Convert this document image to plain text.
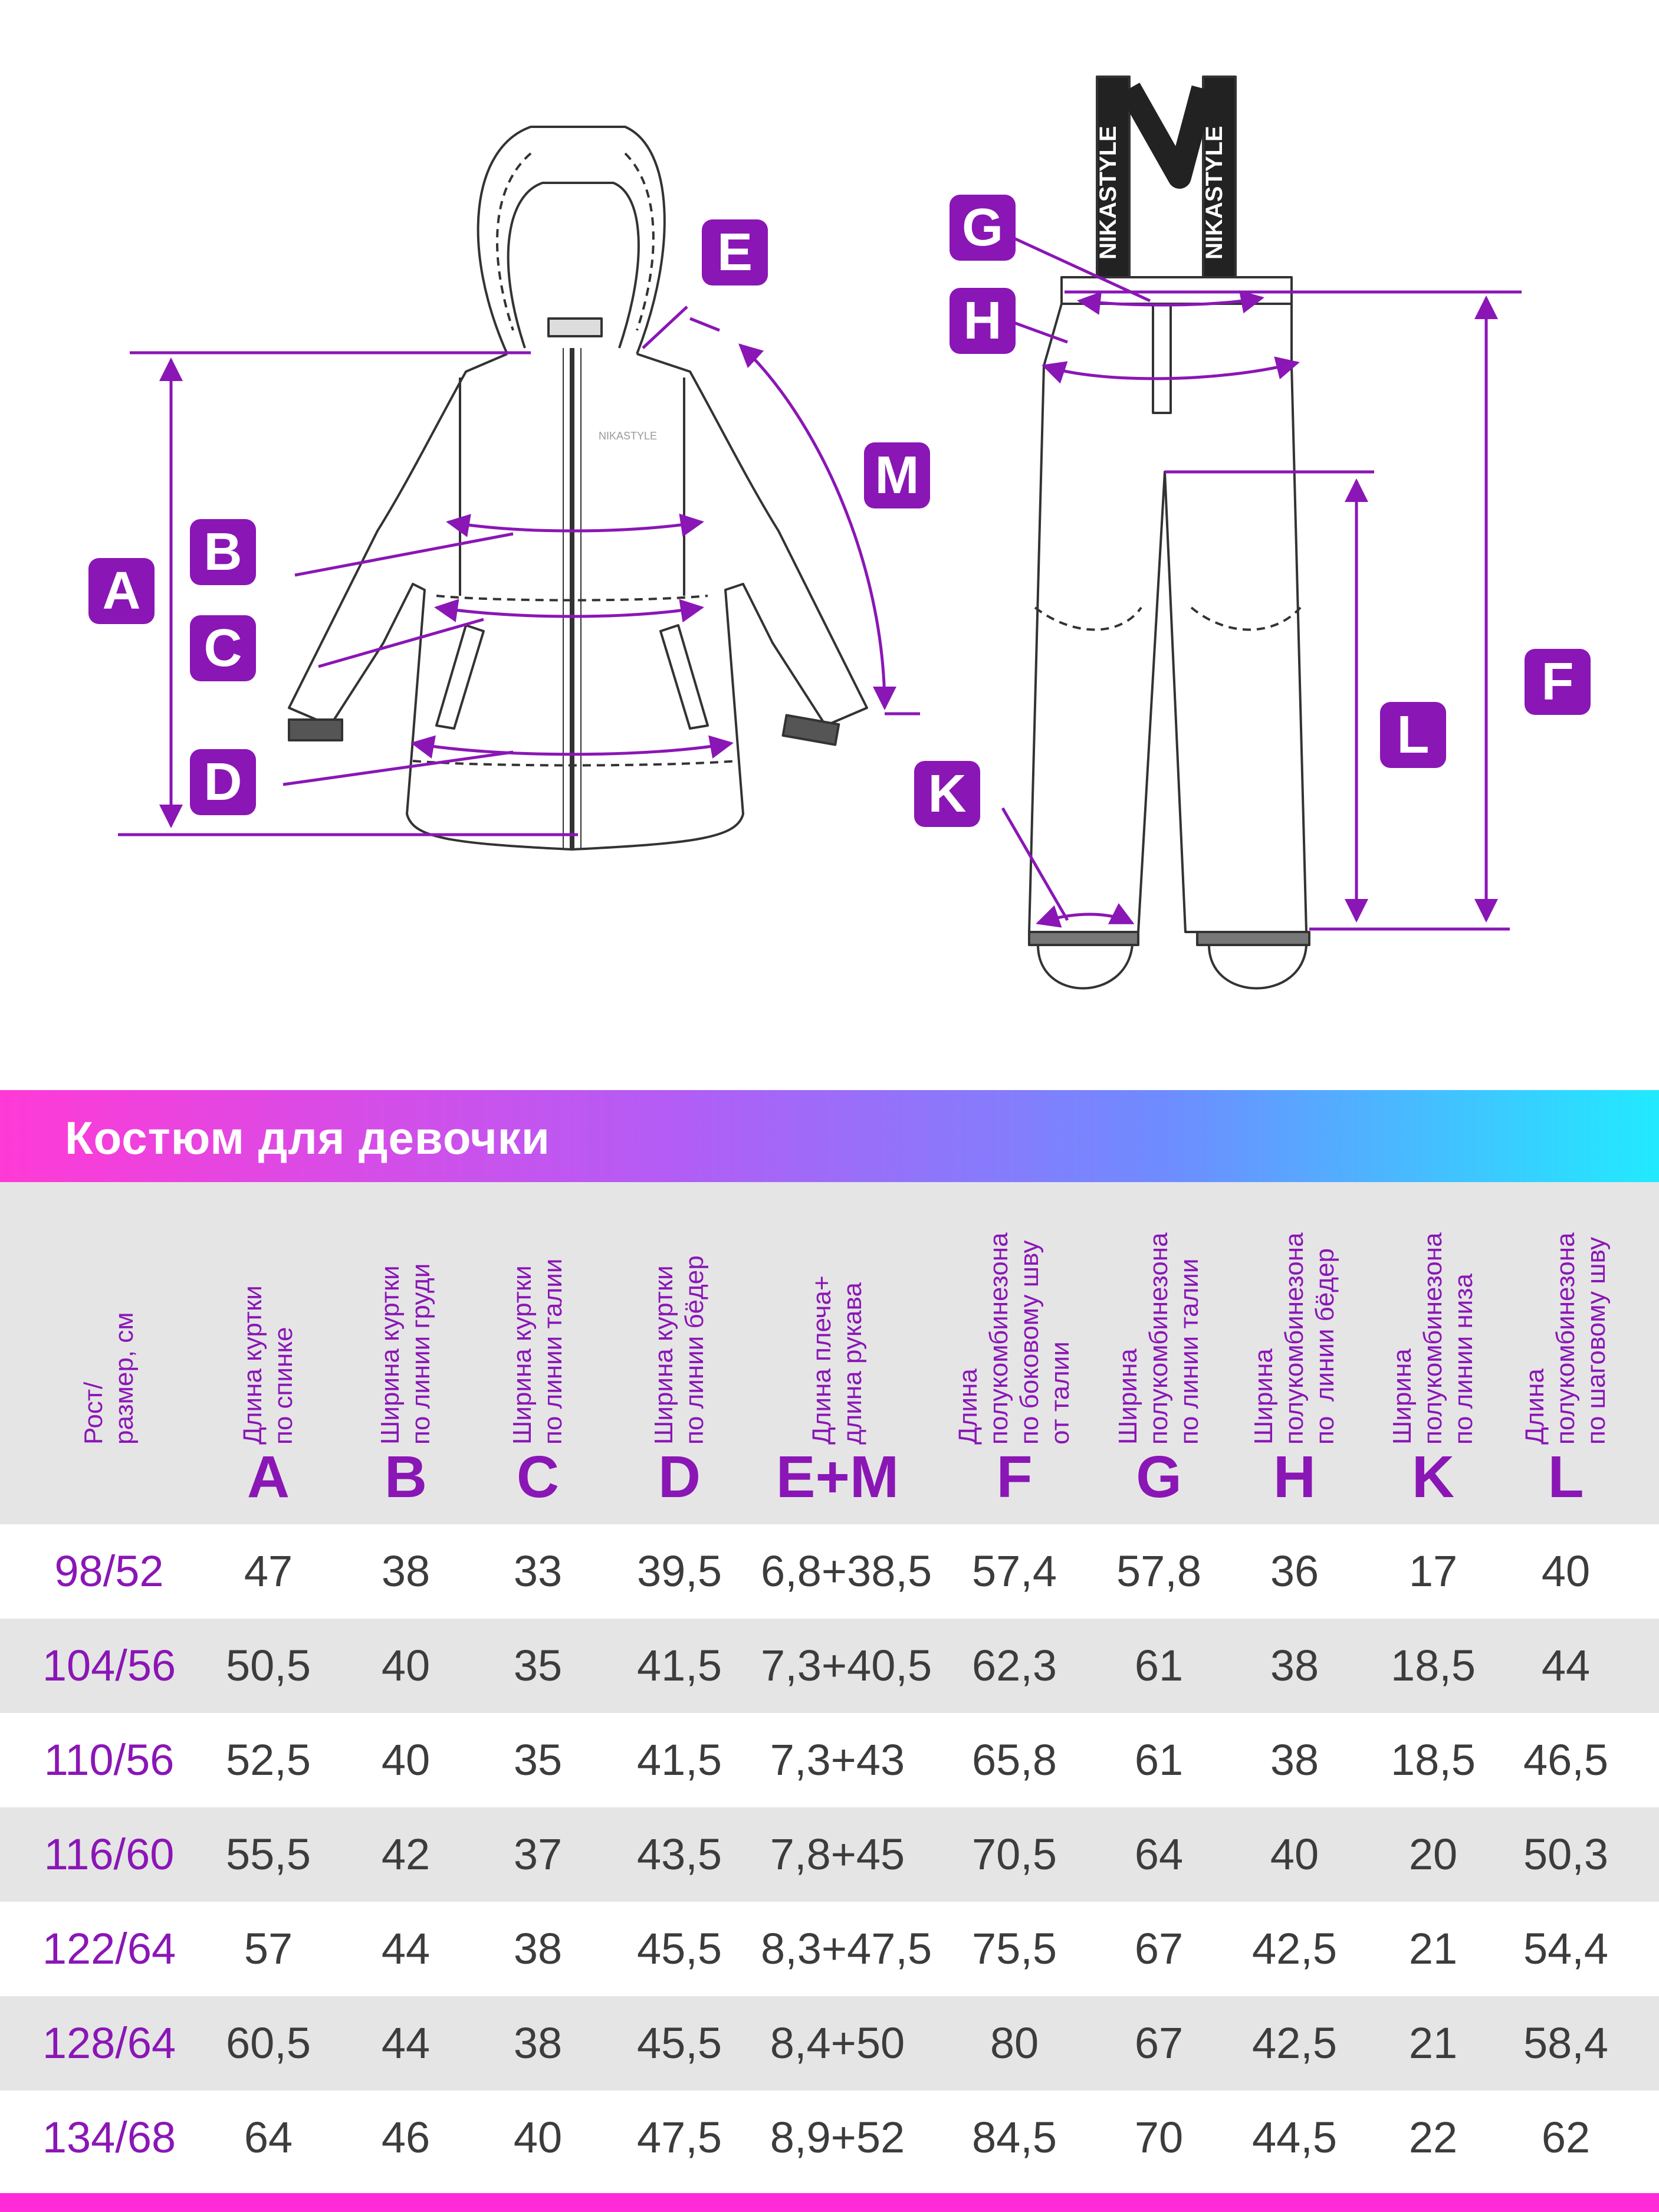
NIKASTYLE
NIKASTYLE	NIKASTYLE
A
B
C
D
E
M
G
H
K
F
L
Костюм для девочки
Рост/
размер, см
Длина куртки
по спинке
A
Ширина куртки
по линии груди
B
Ширина куртки
по линии талии
C
Ширина куртки
по линии бёдер
D
Длина плеча+
длина рукава
E+M
Длина
полукомбинезона
по боковому шву
от талии
F
Ширина
полукомбинезона
по линии талии
G
Ширина
полукомбинезона
по  линии бёдер
H
Ширина
полукомбинезона
по линии низа
K
Длина
полукомбинезона
по шаговому шву
L
98/52	47	38	33	39,5 6,8+38,5 57,4	57,8	36	17	40
104/56	50,5	40	35	41,5 7,3+40,5 62,3	61	38	18,5	44
110/56	52,5	40	35	41,5	7,3+43	65,8	61	38	18,5	46,5
116/60	55,5	42	37	43,5	7,8+45	70,5	64	40	20	50,3
122/64	57	44	38	45,5 8,3+47,5 75,5	67	42,5	21	54,4
128/64	60,5	44	38	45,5	8,4+50	80	67	42,5	21	58,4
134/68	64	46	40	47,5	8,9+52	84,5	70	44,5	22	62
